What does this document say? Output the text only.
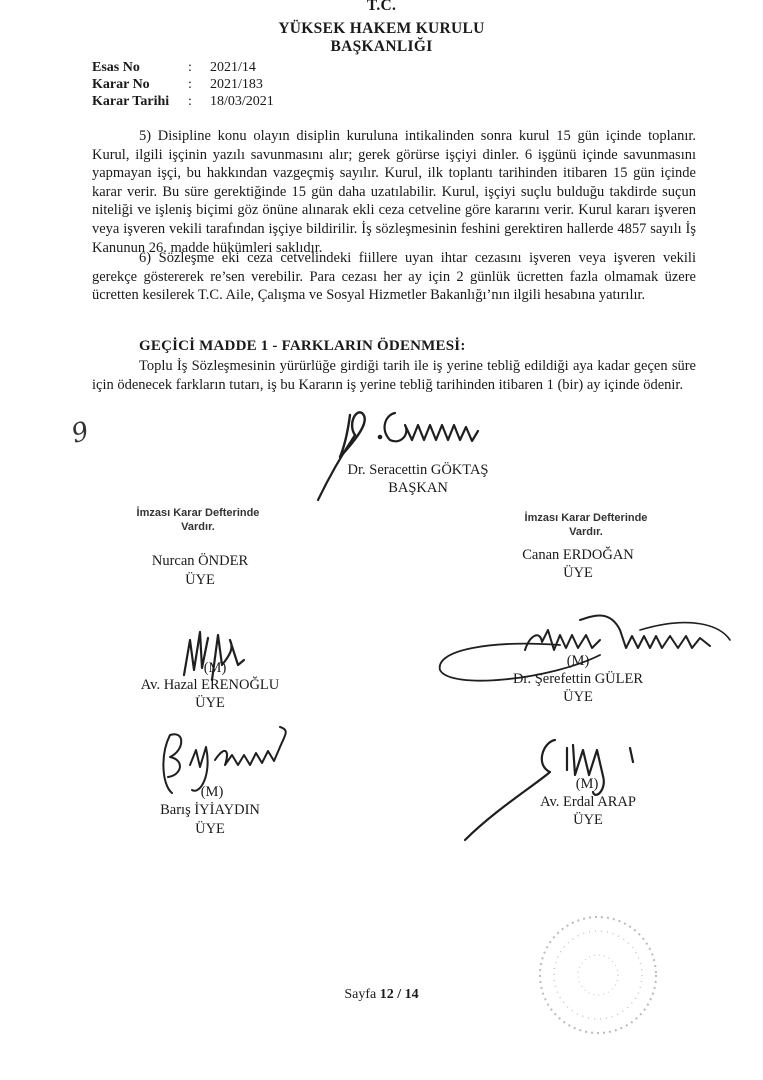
T.C.
YÜKSEK HAKEM KURULU
BAŞKANLIĞI
Esas No	: 2021/14
Karar No	: 2021/183
Karar Tarihi : 18/03/2021

5) Disipline konu olayın disiplin kuruluna intikalinden sonra kurul 15 gün içinde toplanır. Kurul, ilgili işçinin yazılı savunmasını alır; gerek görürse işçiyi dinler. 6 işgünü içinde savunmasını yapmayan işçi, bu hakkından vazgeçmiş sayılır. Kurul, ilk toplantı tarihinden itibaren 15 gün içinde karar verir. Bu süre gerektiğinde 15 gün daha uzatılabilir. Kurul, işçiyi suçlu bulduğu takdirde suçun niteliği ve işleniş biçimi göz önüne alınarak ekli ceza cetveline göre kararını verir. Kurul kararı işveren veya işveren vekili tarafından işçiye bildirilir. İş sözleşmesinin feshini gerektiren hallerde 4857 sayılı İş Kanunun 26. madde hükümleri saklıdır.

6) Sözleşme eki ceza cetvelindeki fiillere uyan ihtar cezasını işveren veya işveren vekili gerekçe göstererek re’sen verebilir. Para cezası her ay için 2 günlük ücretten fazla olmamak üzere ücretten kesilerek T.C. Aile, Çalışma ve Sosyal Hizmetler Bakanlığı’nın ilgili hesabına yatırılır.

GEÇİCİ MADDE 1 - FARKLARIN ÖDENMESİ:

Toplu İş Sözleşmesinin yürürlüğe girdiği tarih ile iş yerine tebliğ edildiği aya kadar geçen süre için ödenecek farkların tutarı, iş bu Kararın iş yerine tebliğ tarihinden itibaren 1 (bir) ay içinde ödenir.

9
Dr. Seracettin GÖKTAŞ
BAŞKAN
İmzası Karar Defterinde
Vardır.
Nurcan ÖNDER
ÜYE
İmzası Karar Defterinde
Vardır.
Canan ERDOĞAN
ÜYE
(M)
Av. Hazal ERENOĞLU
ÜYE
(M)
Dr. Şerefettin GÜLER
ÜYE
(M)
Barış İYİAYDIN
ÜYE
(M)
Av. Erdal ARAP
ÜYE
Sayfa 12 / 14
